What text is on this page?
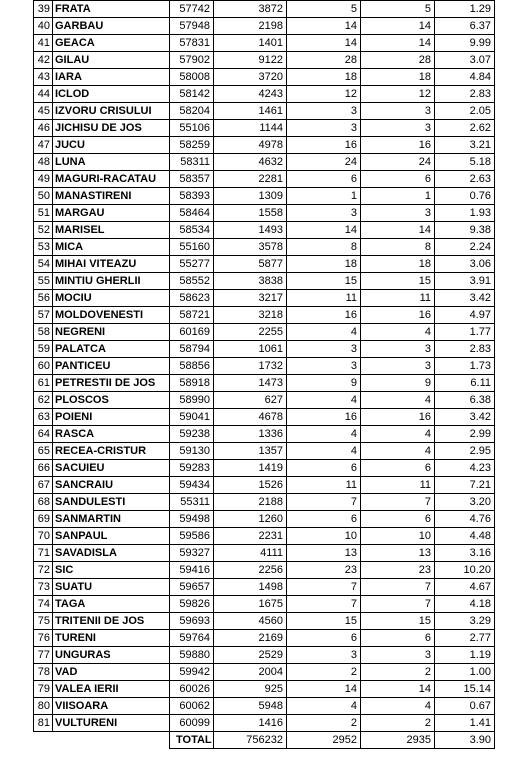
39	FRATA	57742	3872	5	5	1.29
40	GARBAU	57948	2198	14	14	6.37
41	GEACA	57831	1401	14	14	9.99
42	GILAU	57902	9122	28	28	3.07
43	IARA	58008	3720	18	18	4.84
44	ICLOD	58142	4243	12	12	2.83
45	IZVORU CRISULUI	58204	1461	3	3	2.05
46	JICHISU DE JOS	55106	1144	3	3	2.62
47	JUCU	58259	4978	16	16	3.21
48	LUNA	58311	4632	24	24	5.18
49	MAGURI-RACATAU	58357	2281	6	6	2.63
50	MANASTIRENI	58393	1309	1	1	0.76
51	MARGAU	58464	1558	3	3	1.93
52	MARISEL	58534	1493	14	14	9.38
53	MICA	55160	3578	8	8	2.24
54	MIHAI VITEAZU	55277	5877	18	18	3.06
55	MINTIU GHERLII	58552	3838	15	15	3.91
56	MOCIU	58623	3217	11	11	3.42
57	MOLDOVENESTI	58721	3218	16	16	4.97
58	NEGRENI	60169	2255	4	4	1.77
59	PALATCA	58794	1061	3	3	2.83
60	PANTICEU	58856	1732	3	3	1.73
61	PETRESTII DE JOS	58918	1473	9	9	6.11
62	PLOSCOS	58990	627	4	4	6.38
63	POIENI	59041	4678	16	16	3.42
64	RASCA	59238	1336	4	4	2.99
65	RECEA-CRISTUR	59130	1357	4	4	2.95
66	SACUIEU	59283	1419	6	6	4.23
67	SANCRAIU	59434	1526	11	11	7.21
68	SANDULESTI	55311	2188	7	7	3.20
69	SANMARTIN	59498	1260	6	6	4.76
70	SANPAUL	59586	2231	10	10	4.48
71	SAVADISLA	59327	4111	13	13	3.16
72	SIC	59416	2256	23	23	10.20
73	SUATU	59657	1498	7	7	4.67
74	TAGA	59826	1675	7	7	4.18
75	TRITENII DE JOS	59693	4560	15	15	3.29
76	TURENI	59764	2169	6	6	2.77
77	UNGURAS	59880	2529	3	3	1.19
78	VAD	59942	2004	2	2	1.00
79	VALEA IERII	60026	925	14	14	15.14
80	VIISOARA	60062	5948	4	4	0.67
81	VULTURENI	60099	1416	2	2	1.41
		TOTAL	756232	2952	2935	3.90
